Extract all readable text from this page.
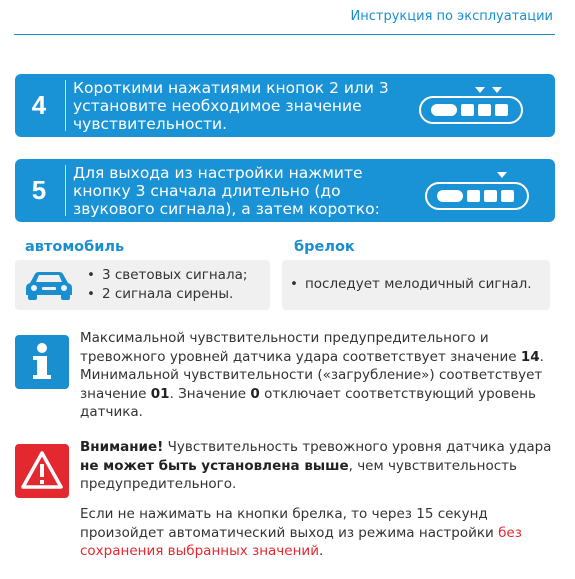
Инструкция по эксплуатации
4
Короткими нажатиями кнопок 2 или 3 установите необходимое значение чувствительности.
5
Для выхода из настройки нажмите кнопку 3 сначала длительно (до звукового сигнала), а затем коротко:
автомобиль	брелок
• 3 световых сигнала;
• 2 сигнала сирены.
• последует мелодичный сигнал.
Максимальной чувствительности предупредительного и тревожного уровней датчика удара соответствует значение 14. Минимальной чувствительности («загрубление») соответствует значение 01. Значение 0 отключает соответствующий уровень датчика.
Внимание! Чувствительность тревожного уровня датчика удара не может быть установлена выше, чем чувствительность предупредительного.
Если не нажимать на кнопки брелка, то через 15 секунд произойдет автоматический выход из режима настройки без сохранения выбранных значений.
